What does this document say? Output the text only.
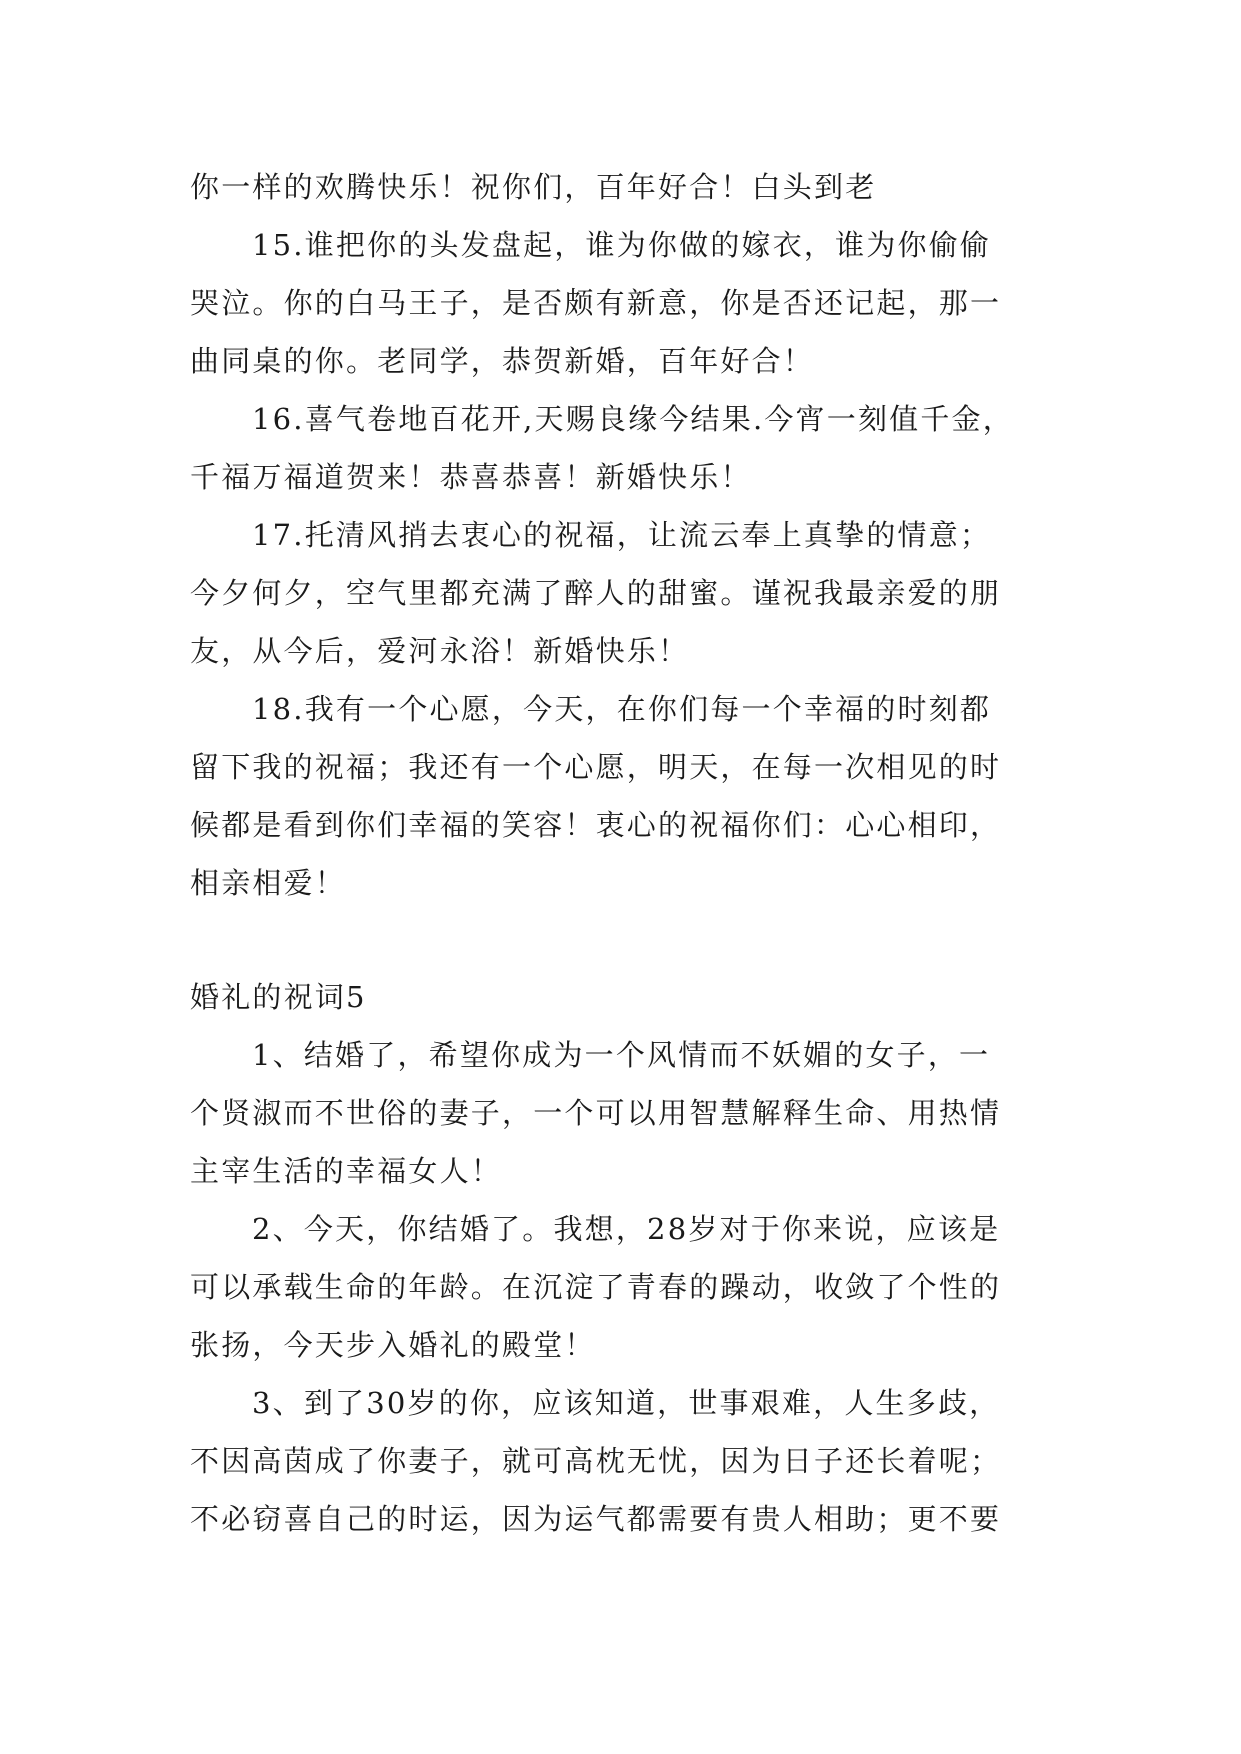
你一样的欢腾快乐！祝你们，百年好合！白头到老
15.谁把你的头发盘起，谁为你做的嫁衣，谁为你偷偷
哭泣。你的白马王子，是否颇有新意，你是否还记起，那一
曲同桌的你。老同学，恭贺新婚，百年好合！
16.喜气卷地百花开,天赐良缘今结果.今宵一刻值千金，
千福万福道贺来！恭喜恭喜！新婚快乐！
17.托清风捎去衷心的祝福，让流云奉上真挚的情意；
今夕何夕，空气里都充满了醉人的甜蜜。谨祝我最亲爱的朋
友，从今后，爱河永浴！新婚快乐！
18.我有一个心愿，今天，在你们每一个幸福的时刻都
留下我的祝福；我还有一个心愿，明天，在每一次相见的时
候都是看到你们幸福的笑容！衷心的祝福你们：心心相印，
相亲相爱！
婚礼的祝词5
1、结婚了，希望你成为一个风情而不妖媚的女子，一
个贤淑而不世俗的妻子，一个可以用智慧解释生命、用热情
主宰生活的幸福女人！
2、今天，你结婚了。我想，28岁对于你来说，应该是
可以承载生命的年龄。在沉淀了青春的躁动，收敛了个性的
张扬，今天步入婚礼的殿堂！
3、到了30岁的你，应该知道，世事艰难，人生多歧，
不因高茵成了你妻子，就可高枕无忧，因为日子还长着呢；
不必窃喜自己的时运，因为运气都需要有贵人相助；更不要
